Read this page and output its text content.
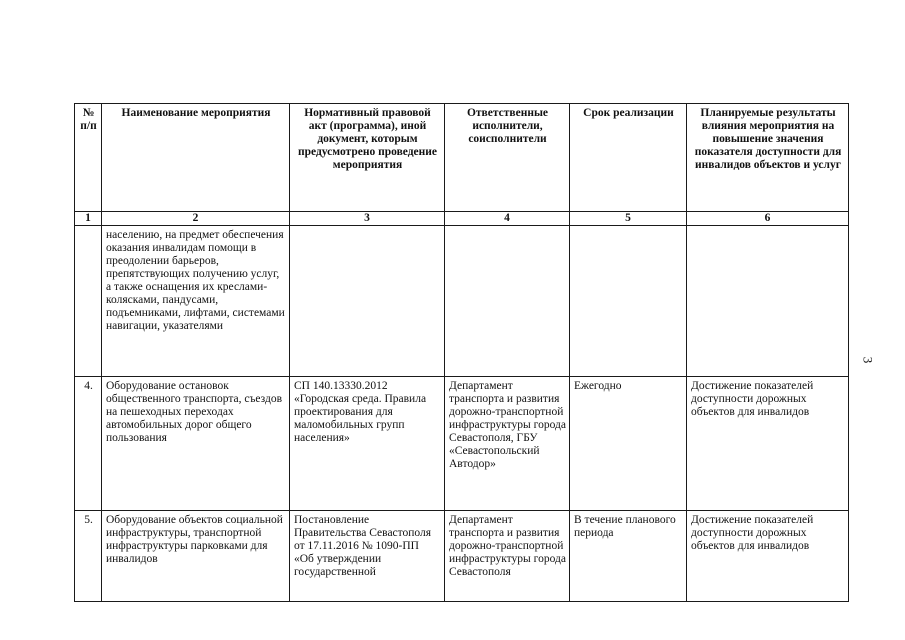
№ п/п	Наименование мероприятия	Нормативный правовой акт (программа), иной документ, которым предусмотрено проведение мероприятия	Ответственные исполнители, соисполнители	Срок реализации	Планируемые результаты влияния мероприятия на повышение значения показателя доступности для инвалидов объектов и услуг
1	2	3	4	5	6
	населению, на предмет обеспечения оказания инвалидам помощи в преодолении барьеров, препятствующих получению услуг, а также оснащения их креслами-колясками, пандусами, подъемниками, лифтами, системами навигации, указателями				
4.	Оборудование остановок общественного транспорта, съездов на пешеходных переходах автомобильных дорог общего пользования	СП 140.13330.2012 «Городская среда. Правила проектирования для маломобильных групп населения»	Департамент транспорта и развития дорожно-транспортной инфраструктуры города Севастополя, ГБУ «Севастопольский Автодор»	Ежегодно	Достижение показателей доступности дорожных объектов для инвалидов
5.	Оборудование объектов социальной инфраструктуры, транспортной инфраструктуры парковками для инвалидов	Постановление Правительства Севастополя от 17.11.2016 № 1090-ПП «Об утверждении государственной	Департамент транспорта и развития дорожно-транспортной инфраструктуры города Севастополя	В течение планового периода	Достижение показателей доступности дорожных объектов для инвалидов
3
